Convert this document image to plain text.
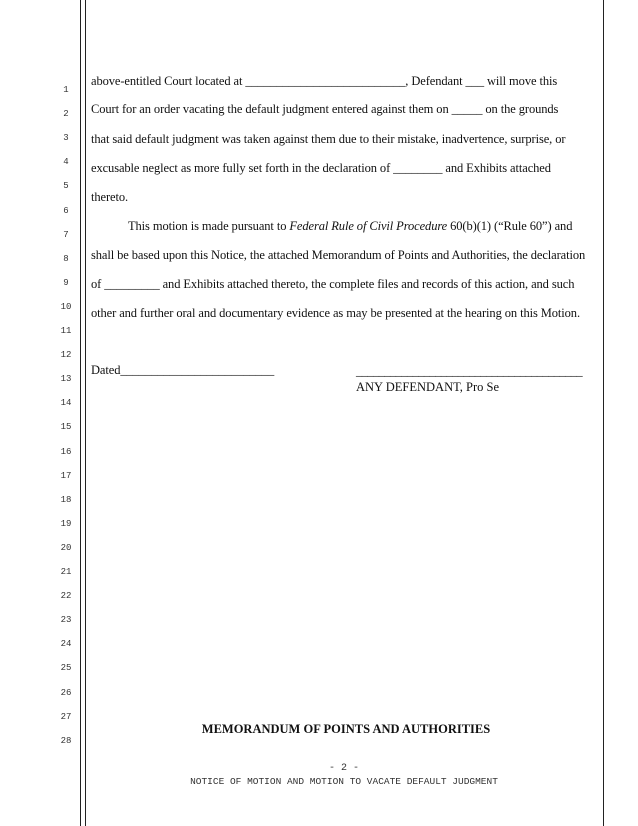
1
2
3
4
5
6
7
8
9
10
11
12
13
14
15
16
17
18
19
20
21
22
23
24
25
26
27
28
above-entitled Court located at __________________________, Defendant ___ will move this
Court for an order vacating the default judgment entered against them on _____ on the grounds
that said default judgment was taken against them due to their mistake, inadvertence, surprise, or
excusable neglect as more fully set forth in the declaration of ________ and Exhibits attached
thereto.
This motion is made pursuant to Federal Rule of Civil Procedure 60(b)(1) (“Rule 60”) and
shall be based upon this Notice, the attached Memorandum of Points and Authorities, the declaration
of _________ and Exhibits attached thereto, the complete files and records of this action, and such
other and further oral and documentary evidence as may be presented at the hearing on this Motion.
Dated_________________________	________________________________________
ANY DEFENDANT, Pro Se
MEMORANDUM OF POINTS AND AUTHORITIES
- 2 -
NOTICE OF MOTION AND MOTION TO VACATE DEFAULT JUDGMENT
